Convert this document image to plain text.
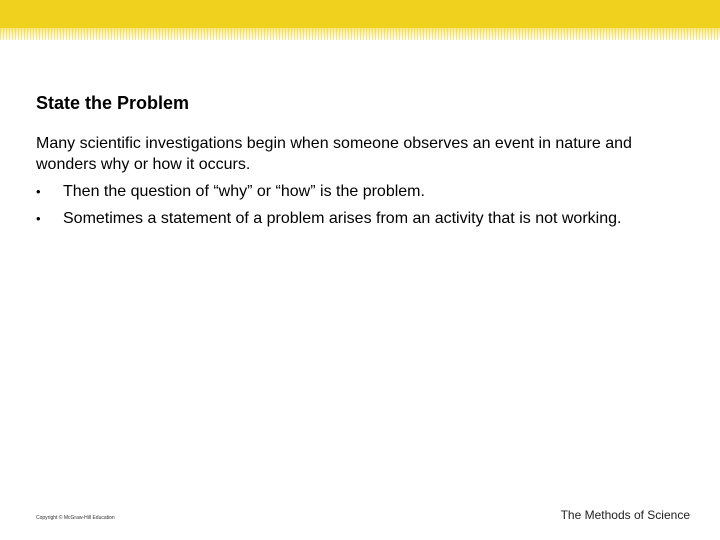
State the Problem
Many scientific investigations begin when someone observes an event in nature and wonders why or how it occurs.
• Then the question of “why” or “how” is the problem.
• Sometimes a statement of a problem arises from an activity that is not working.
Copyright © McGraw-Hill Education	The Methods of Science
